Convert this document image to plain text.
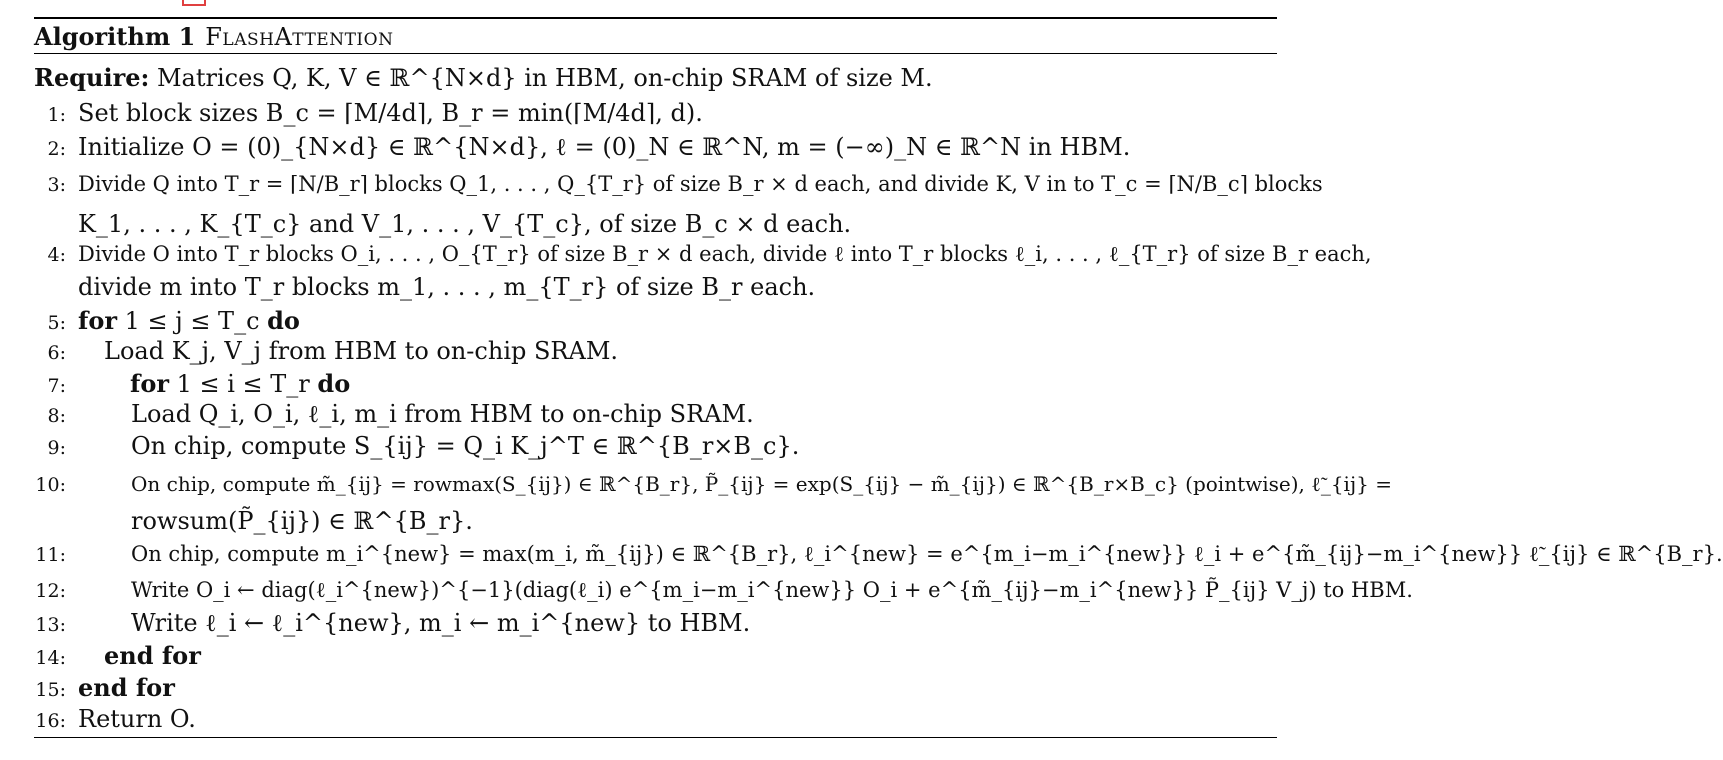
Algorithm 1 FlashAttention
Require: Matrices Q, K, V ∈ ℝ^{N×d} in HBM, on-chip SRAM of size M.
1: Set block sizes B_c = ⌈M/4d⌉, B_r = min(⌈M/4d⌉, d).
2: Initialize O = (0)_{N×d} ∈ ℝ^{N×d}, ℓ = (0)_N ∈ ℝ^N, m = (−∞)_N ∈ ℝ^N in HBM.
3: Divide Q into T_r = ⌈N/B_r⌉ blocks Q_1, . . . , Q_{T_r} of size B_r × d each, and divide K, V in to T_c = ⌈N/B_c⌉ blocks
K_1, . . . , K_{T_c} and V_1, . . . , V_{T_c}, of size B_c × d each.
4: Divide O into T_r blocks O_i, . . . , O_{T_r} of size B_r × d each, divide ℓ into T_r blocks ℓ_i, . . . , ℓ_{T_r} of size B_r each,
divide m into T_r blocks m_1, . . . , m_{T_r} of size B_r each.
5: for 1 ≤ j ≤ T_c do
6: Load K_j, V_j from HBM to on-chip SRAM.
7:	for 1 ≤ i ≤ T_r do
8:	Load Q_i, O_i, ℓ_i, m_i from HBM to on-chip SRAM.
9:	On chip, compute S_{ij} = Q_i K_j^T ∈ ℝ^{B_r×B_c}.
10:	On chip, compute m̃_{ij} = rowmax(S_{ij}) ∈ ℝ^{B_r}, P̃_{ij} = exp(S_{ij} − m̃_{ij}) ∈ ℝ^{B_r×B_c} (pointwise), ℓ̃_{ij} =
rowsum(P̃_{ij}) ∈ ℝ^{B_r}.
11:	On chip, compute m_i^{new} = max(m_i, m̃_{ij}) ∈ ℝ^{B_r}, ℓ_i^{new} = e^{m_i−m_i^{new}} ℓ_i + e^{m̃_{ij}−m_i^{new}} ℓ̃_{ij} ∈ ℝ^{B_r}.
12:	Write O_i ← diag(ℓ_i^{new})^{−1}(diag(ℓ_i) e^{m_i−m_i^{new}} O_i + e^{m̃_{ij}−m_i^{new}} P̃_{ij} V_j) to HBM.
13:	Write ℓ_i ← ℓ_i^{new}, m_i ← m_i^{new} to HBM.
14: end for
15: end for
16: Return O.
